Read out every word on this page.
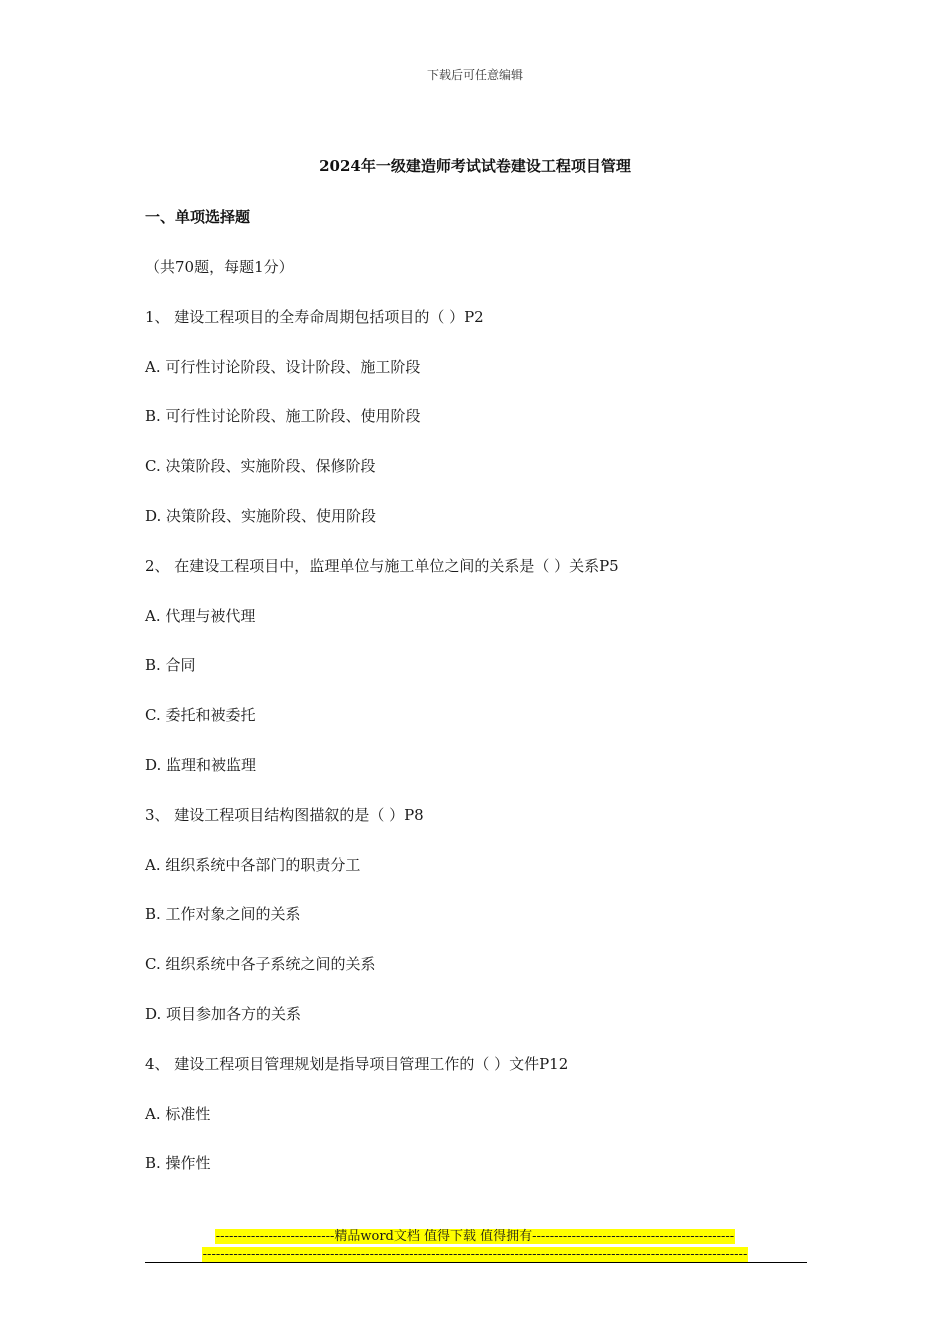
下载后可任意编辑
2024年一级建造师考试试卷建设工程项目管理
一、单项选择题
（共70题，每题1分）
1、 建设工程项目的全寿命周期包括项目的（ ）P2
A. 可行性讨论阶段、设计阶段、施工阶段
B. 可行性讨论阶段、施工阶段、使用阶段
C. 决策阶段、实施阶段、保修阶段
D. 决策阶段、实施阶段、使用阶段
2、 在建设工程项目中，监理单位与施工单位之间的关系是（ ）关系P5
A. 代理与被代理
B. 合同
C. 委托和被委托
D. 监理和被监理
3、 建设工程项目结构图描叙的是（ ）P8
A. 组织系统中各部门的职责分工
B. 工作对象之间的关系
C. 组织系统中各子系统之间的关系
D. 项目参加各方的关系
4、 建设工程项目管理规划是指导项目管理工作的（ ）文件P12
A. 标准性
B. 操作性
---------------------------精品word文档 值得下载 值得拥有----------------------------------------------
----------------------------------------------------------------------------------------------------------------------------
